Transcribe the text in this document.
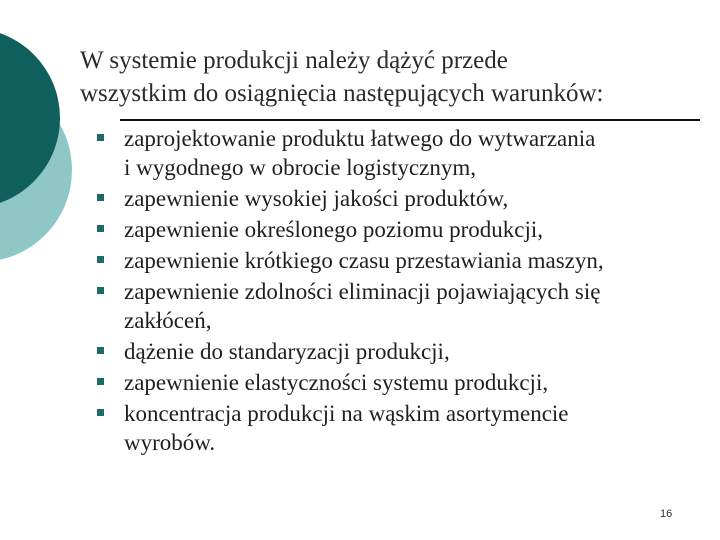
W systemie produkcji należy dążyć przede
wszystkim do osiągnięcia następujących warunków:
zaprojektowanie produktu łatwego do wytwarzania
i wygodnego w obrocie logistycznym,
zapewnienie wysokiej jakości produktów,
zapewnienie określonego poziomu produkcji,
zapewnienie krótkiego czasu przestawiania maszyn,
zapewnienie zdolności eliminacji pojawiających się
zakłóceń,
dążenie do standaryzacji produkcji,
zapewnienie elastyczności systemu produkcji,
koncentracja produkcji na wąskim asortymencie
wyrobów.
16
